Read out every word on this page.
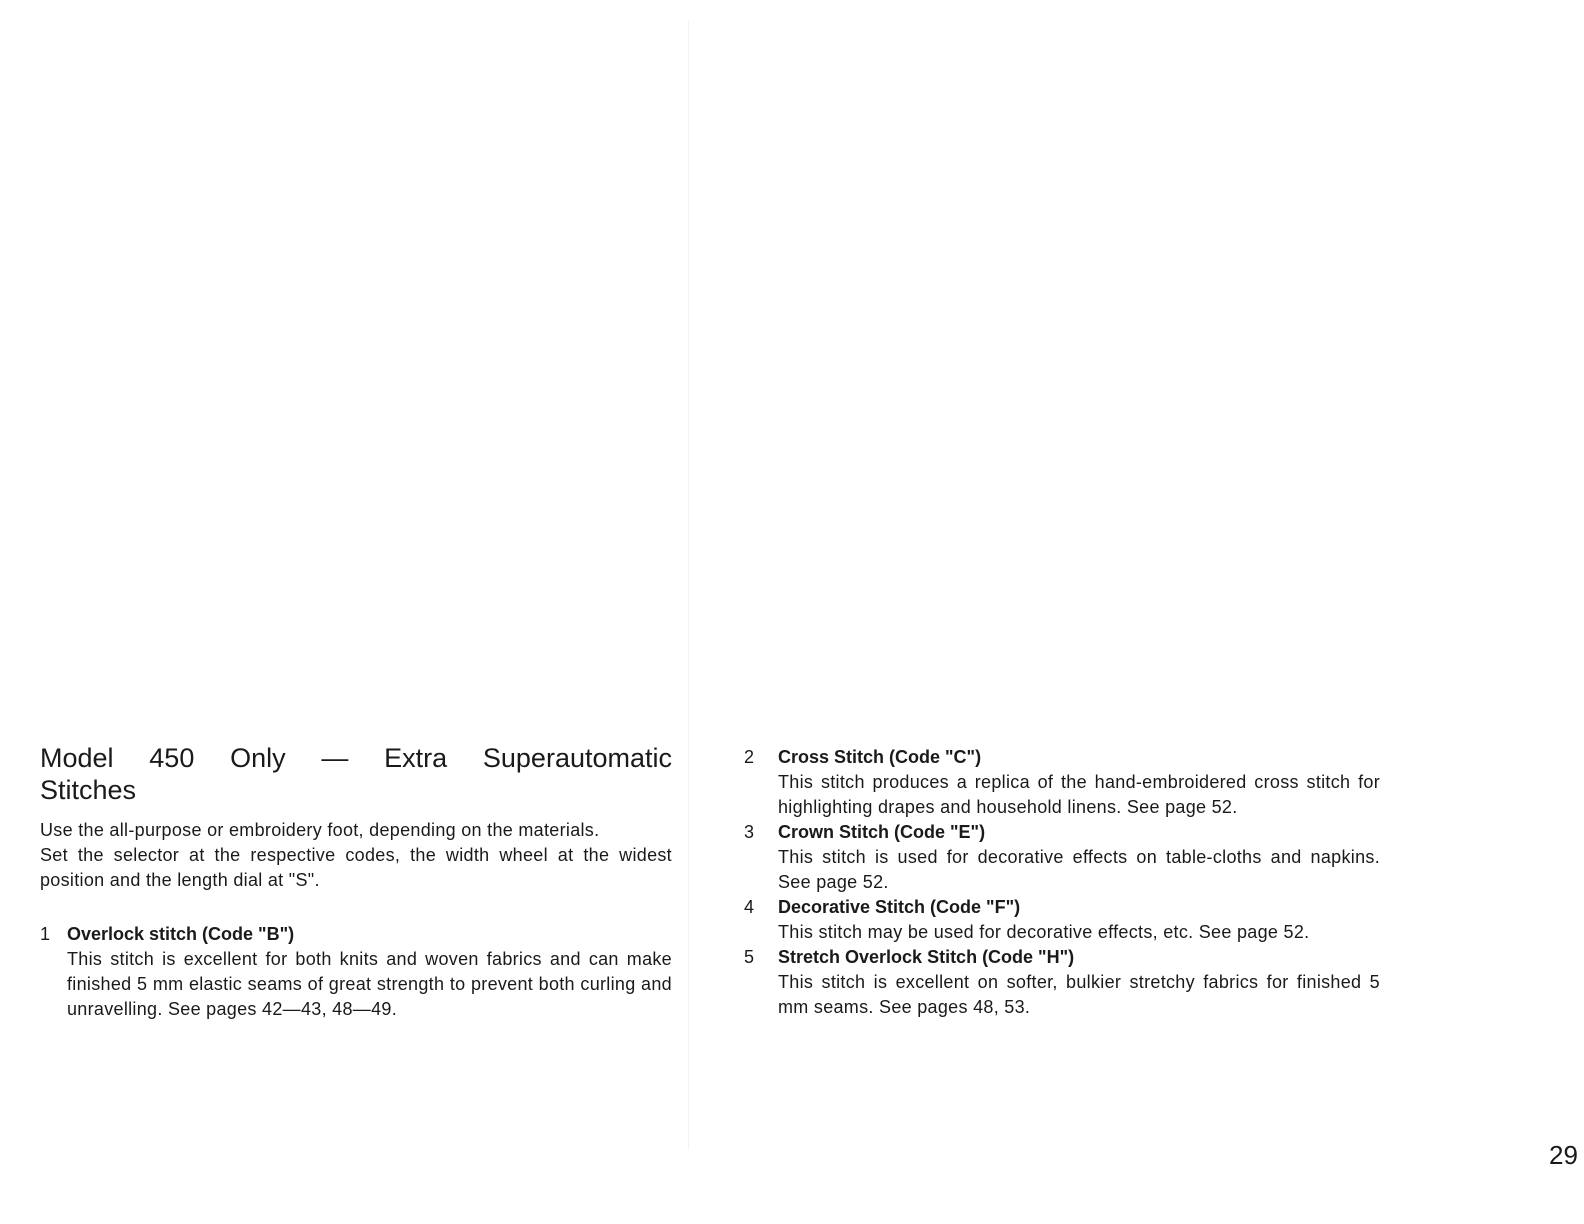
Model 450 Only — Extra Superautomatic
Stitches

Use the all-purpose or embroidery foot, depending on the materials.

Set the selector at the respective codes, the width wheel at the widest position and the length dial at "S".

1 Overlock stitch (Code "B")

This stitch is excellent for both knits and woven fabrics and can make finished 5 mm elastic seams of great strength to prevent both curling and unravelling. See pages 42—43, 48—49.

2	Cross Stitch (Code "C")

This stitch produces a replica of the hand-embroidered cross stitch for highlighting drapes and household linens. See page 52.

3	Crown Stitch (Code "E")

This stitch is used for decorative effects on table-cloths and napkins. See page 52.

4	Decorative Stitch (Code "F")

This stitch may be used for decorative effects, etc. See page 52.

5	Stretch Overlock Stitch (Code "H")

This stitch is excellent on softer, bulkier stretchy fabrics for finished 5 mm seams. See pages 48, 53.

29
